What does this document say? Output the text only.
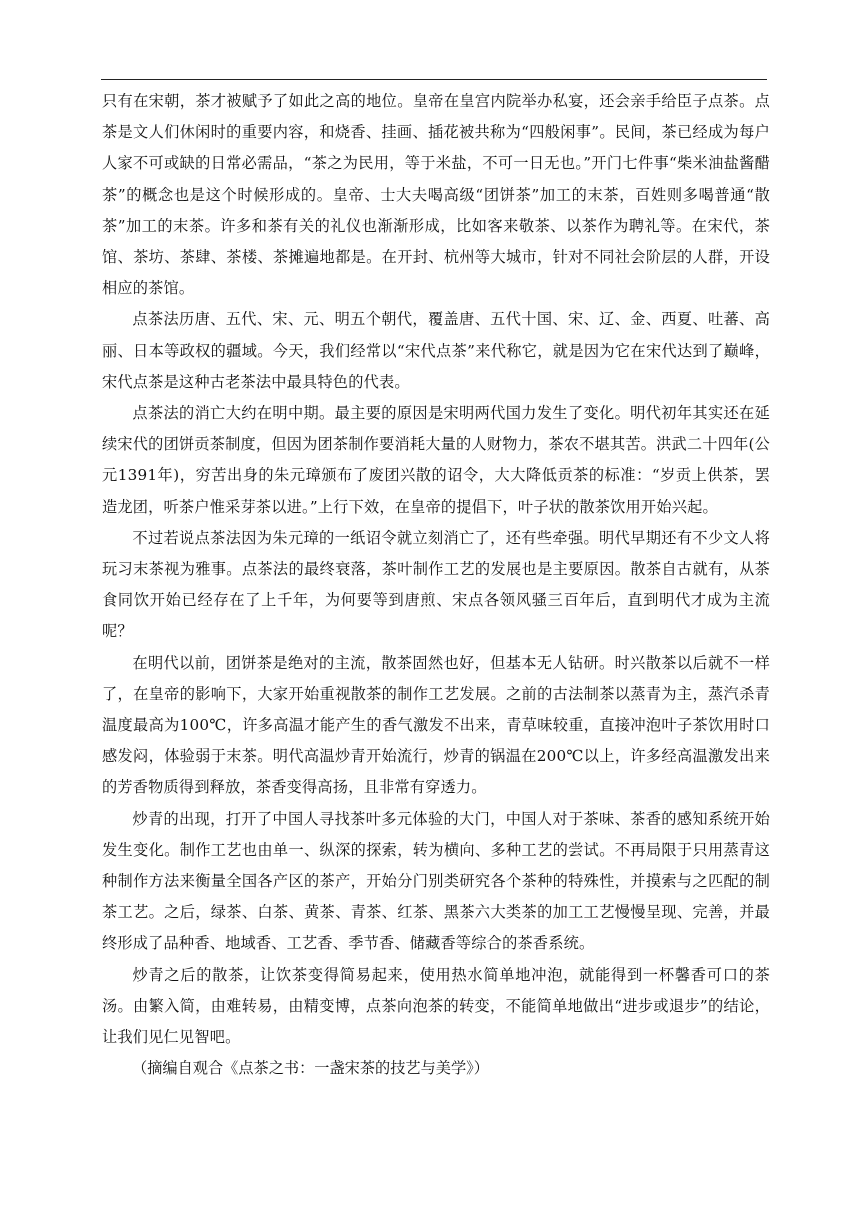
只有在宋朝，茶才被赋予了如此之高的地位。皇帝在皇宫内院举办私宴，还会亲手给臣子点茶。点茶是文人们休闲时的重要内容，和烧香、挂画、插花被共称为“四般闲事”。民间，茶已经成为每户人家不可或缺的日常必需品，“茶之为民用，等于米盐，不可一日无也。”开门七件事“柴米油盐酱醋茶”的概念也是这个时候形成的。皇帝、士大夫喝高级“团饼茶”加工的末茶，百姓则多喝普通“散茶”加工的末茶。许多和茶有关的礼仪也渐渐形成，比如客来敬茶、以茶作为聘礼等。在宋代，茶馆、茶坊、茶肆、茶楼、茶摊遍地都是。在开封、杭州等大城市，针对不同社会阶层的人群，开设相应的茶馆。

点茶法历唐、五代、宋、元、明五个朝代，覆盖唐、五代十国、宋、辽、金、西夏、吐蕃、高丽、日本等政权的疆域。今天，我们经常以“宋代点茶”来代称它，就是因为它在宋代达到了巅峰，宋代点茶是这种古老茶法中最具特色的代表。

点茶法的消亡大约在明中期。最主要的原因是宋明两代国力发生了变化。明代初年其实还在延续宋代的团饼贡茶制度，但因为团茶制作要消耗大量的人财物力，茶农不堪其苦。洪武二十四年(公元1391年)，穷苦出身的朱元璋颁布了废团兴散的诏令，大大降低贡茶的标准：“岁贡上供茶，罢造龙团，听茶户惟采芽茶以进。”上行下效，在皇帝的提倡下，叶子状的散茶饮用开始兴起。

不过若说点茶法因为朱元璋的一纸诏令就立刻消亡了，还有些牵强。明代早期还有不少文人将玩习末茶视为雅事。点茶法的最终衰落，茶叶制作工艺的发展也是主要原因。散茶自古就有，从茶食同饮开始已经存在了上千年，为何要等到唐煎、宋点各领风骚三百年后，直到明代才成为主流呢？

在明代以前，团饼茶是绝对的主流，散茶固然也好，但基本无人钻研。时兴散茶以后就不一样了，在皇帝的影响下，大家开始重视散茶的制作工艺发展。之前的古法制茶以蒸青为主，蒸汽杀青温度最高为100℃，许多高温才能产生的香气激发不出来，青草味较重，直接冲泡叶子茶饮用时口感发闷，体验弱于末茶。明代高温炒青开始流行，炒青的锅温在200℃以上，许多经高温激发出来的芳香物质得到释放，茶香变得高扬，且非常有穿透力。

炒青的出现，打开了中国人寻找茶叶多元体验的大门，中国人对于茶味、茶香的感知系统开始发生变化。制作工艺也由单一、纵深的探索，转为横向、多种工艺的尝试。不再局限于只用蒸青这种制作方法来衡量全国各产区的茶产，开始分门别类研究各个茶种的特殊性，并摸索与之匹配的制茶工艺。之后，绿茶、白茶、黄茶、青茶、红茶、黑茶六大类茶的加工工艺慢慢呈现、完善，并最终形成了品种香、地域香、工艺香、季节香、储藏香等综合的茶香系统。

炒青之后的散茶，让饮茶变得简易起来，使用热水简单地冲泡，就能得到一杯馨香可口的茶汤。由繁入简，由难转易，由精变博，点茶向泡茶的转变，不能简单地做出“进步或退步”的结论，让我们见仁见智吧。

（摘编自观合《点茶之书：一盏宋茶的技艺与美学》）
